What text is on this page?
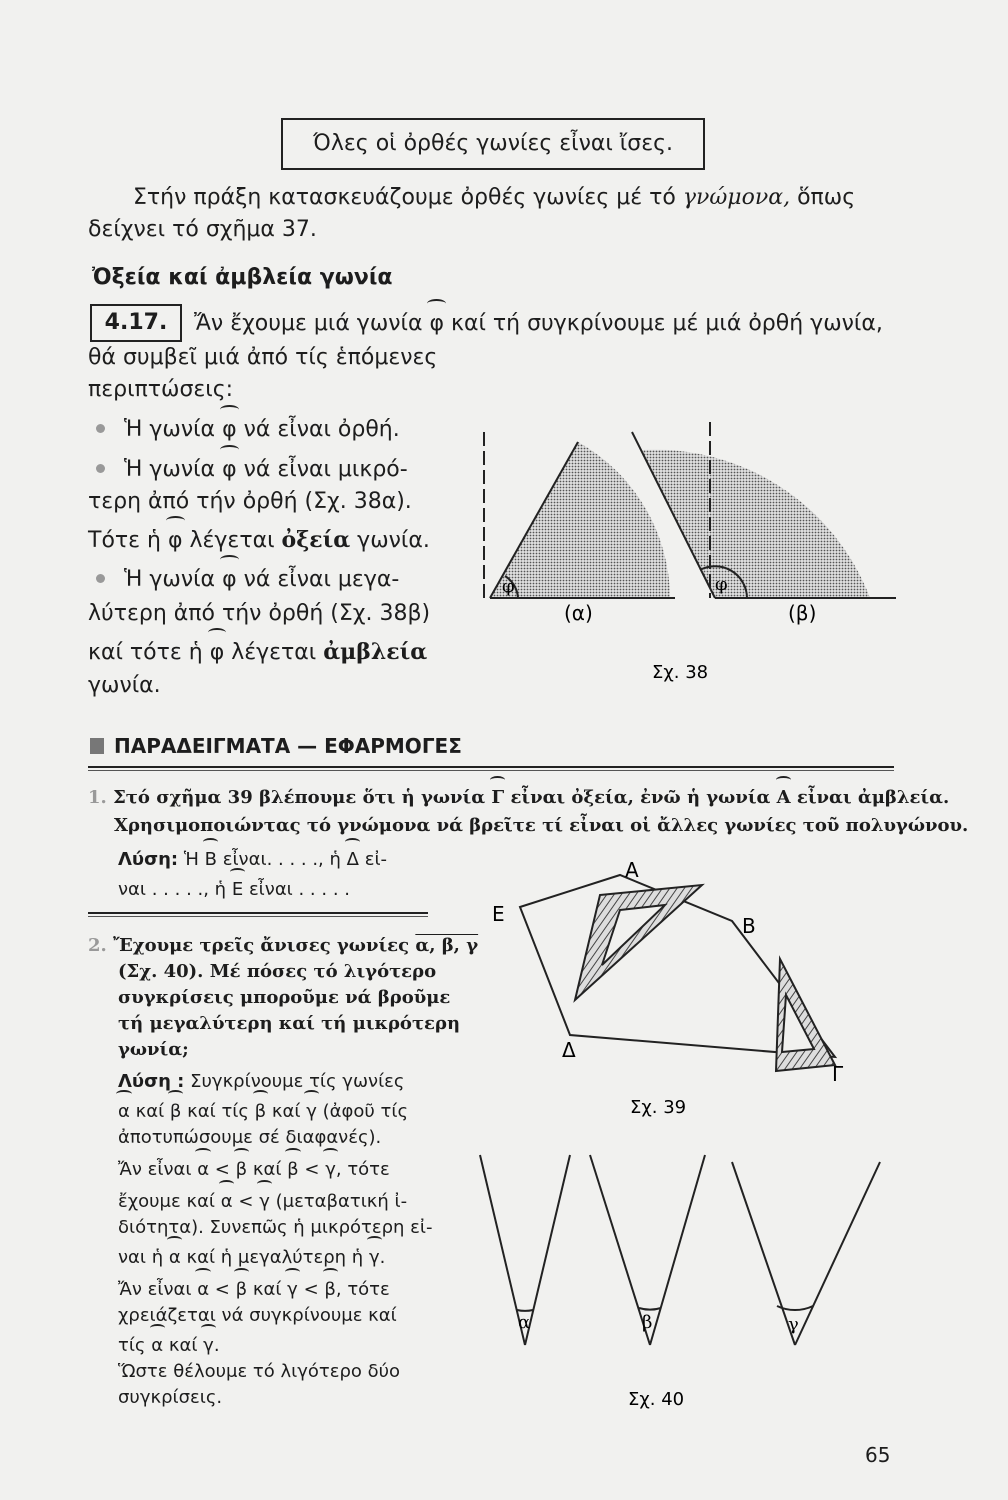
Όλες οἱ ὀρθές γωνίες εἶναι ἴσες.
Στήν πράξη κατασκευάζουμε ὀρθές γωνίες μέ τό γνώμονα, ὅπως
δείχνει τό σχῆμα 37.
Ὀξεία καί ἀμβλεία γωνία
4.17.	Ἄν ἔχουμε μιά γωνία φ καί τή συγκρίνουμε μέ μιά ὀρθή γωνία,
θά συμβεῖ μιά ἀπό τίς ἑπόμενες
περιπτώσεις:
Ἡ γωνία φ νά εἶναι ὀρθή.
Ἡ γωνία φ νά εἶναι μικρό-
τερη ἀπό τήν ὀρθή (Σχ. 38α).
Τότε ἡ φ λέγεται ὀξεία γωνία.
Ἡ γωνία φ νά εἶναι μεγα-
λύτερη ἀπό τήν ὀρθή (Σχ. 38β)
καί τότε ἡ φ λέγεται ἀμβλεία
γωνία.
φ	φ
(α)	(β)
Σχ. 38
ΠΑΡΑΔΕΙΓΜΑΤΑ — ΕΦΑΡΜΟΓΕΣ
1. Στό σχῆμα 39 βλέπουμε ὅτι ἡ γωνία Γ εἶναι ὀξεία, ἐνῶ ἡ γωνία Α εἶναι ἀμβλεία.
Χρησιμοποιώντας τό γνώμονα νά βρεῖτε τί εἶναι οἱ ἄλλες γωνίες τοῦ πολυγώνου.
Λύση: Ἡ Β εἶναι. . . . ., ἡ Δ εἰ-
ναι . . . . ., ἡ Ε εἶναι . . . . .
Α
Β
Γ
Δ
Ε
Σχ. 39
2. Ἔχουμε τρεῖς ἄνισες γωνίες α, β, γ
(Σχ. 40). Μέ πόσες τό λιγότερο
συγκρίσεις μποροῦμε νά βροῦμε
τή μεγαλύτερη καί τή μικρότερη
γωνία;
Λύση : Συγκρίνουμε τίς γωνίες
α καί β καί τίς β καί γ (ἀφοῦ τίς
ἀποτυπώσουμε σέ διαφανές).
Ἄν εἶναι α < β καί β < γ, τότε
ἔχουμε καί α < γ (μεταβατική ἰ-
διότητα). Συνεπῶς ἡ μικρότερη εἰ-
ναι ἡ α καί ἡ μεγαλύτερη ἡ γ.
Ἄν εἶναι α < β καί γ < β, τότε
χρειάζεται νά συγκρίνουμε καί
τίς α καί γ.
Ὥστε θέλουμε τό λιγότερο δύο
συγκρίσεις.
α	β	γ
Σχ. 40
65
